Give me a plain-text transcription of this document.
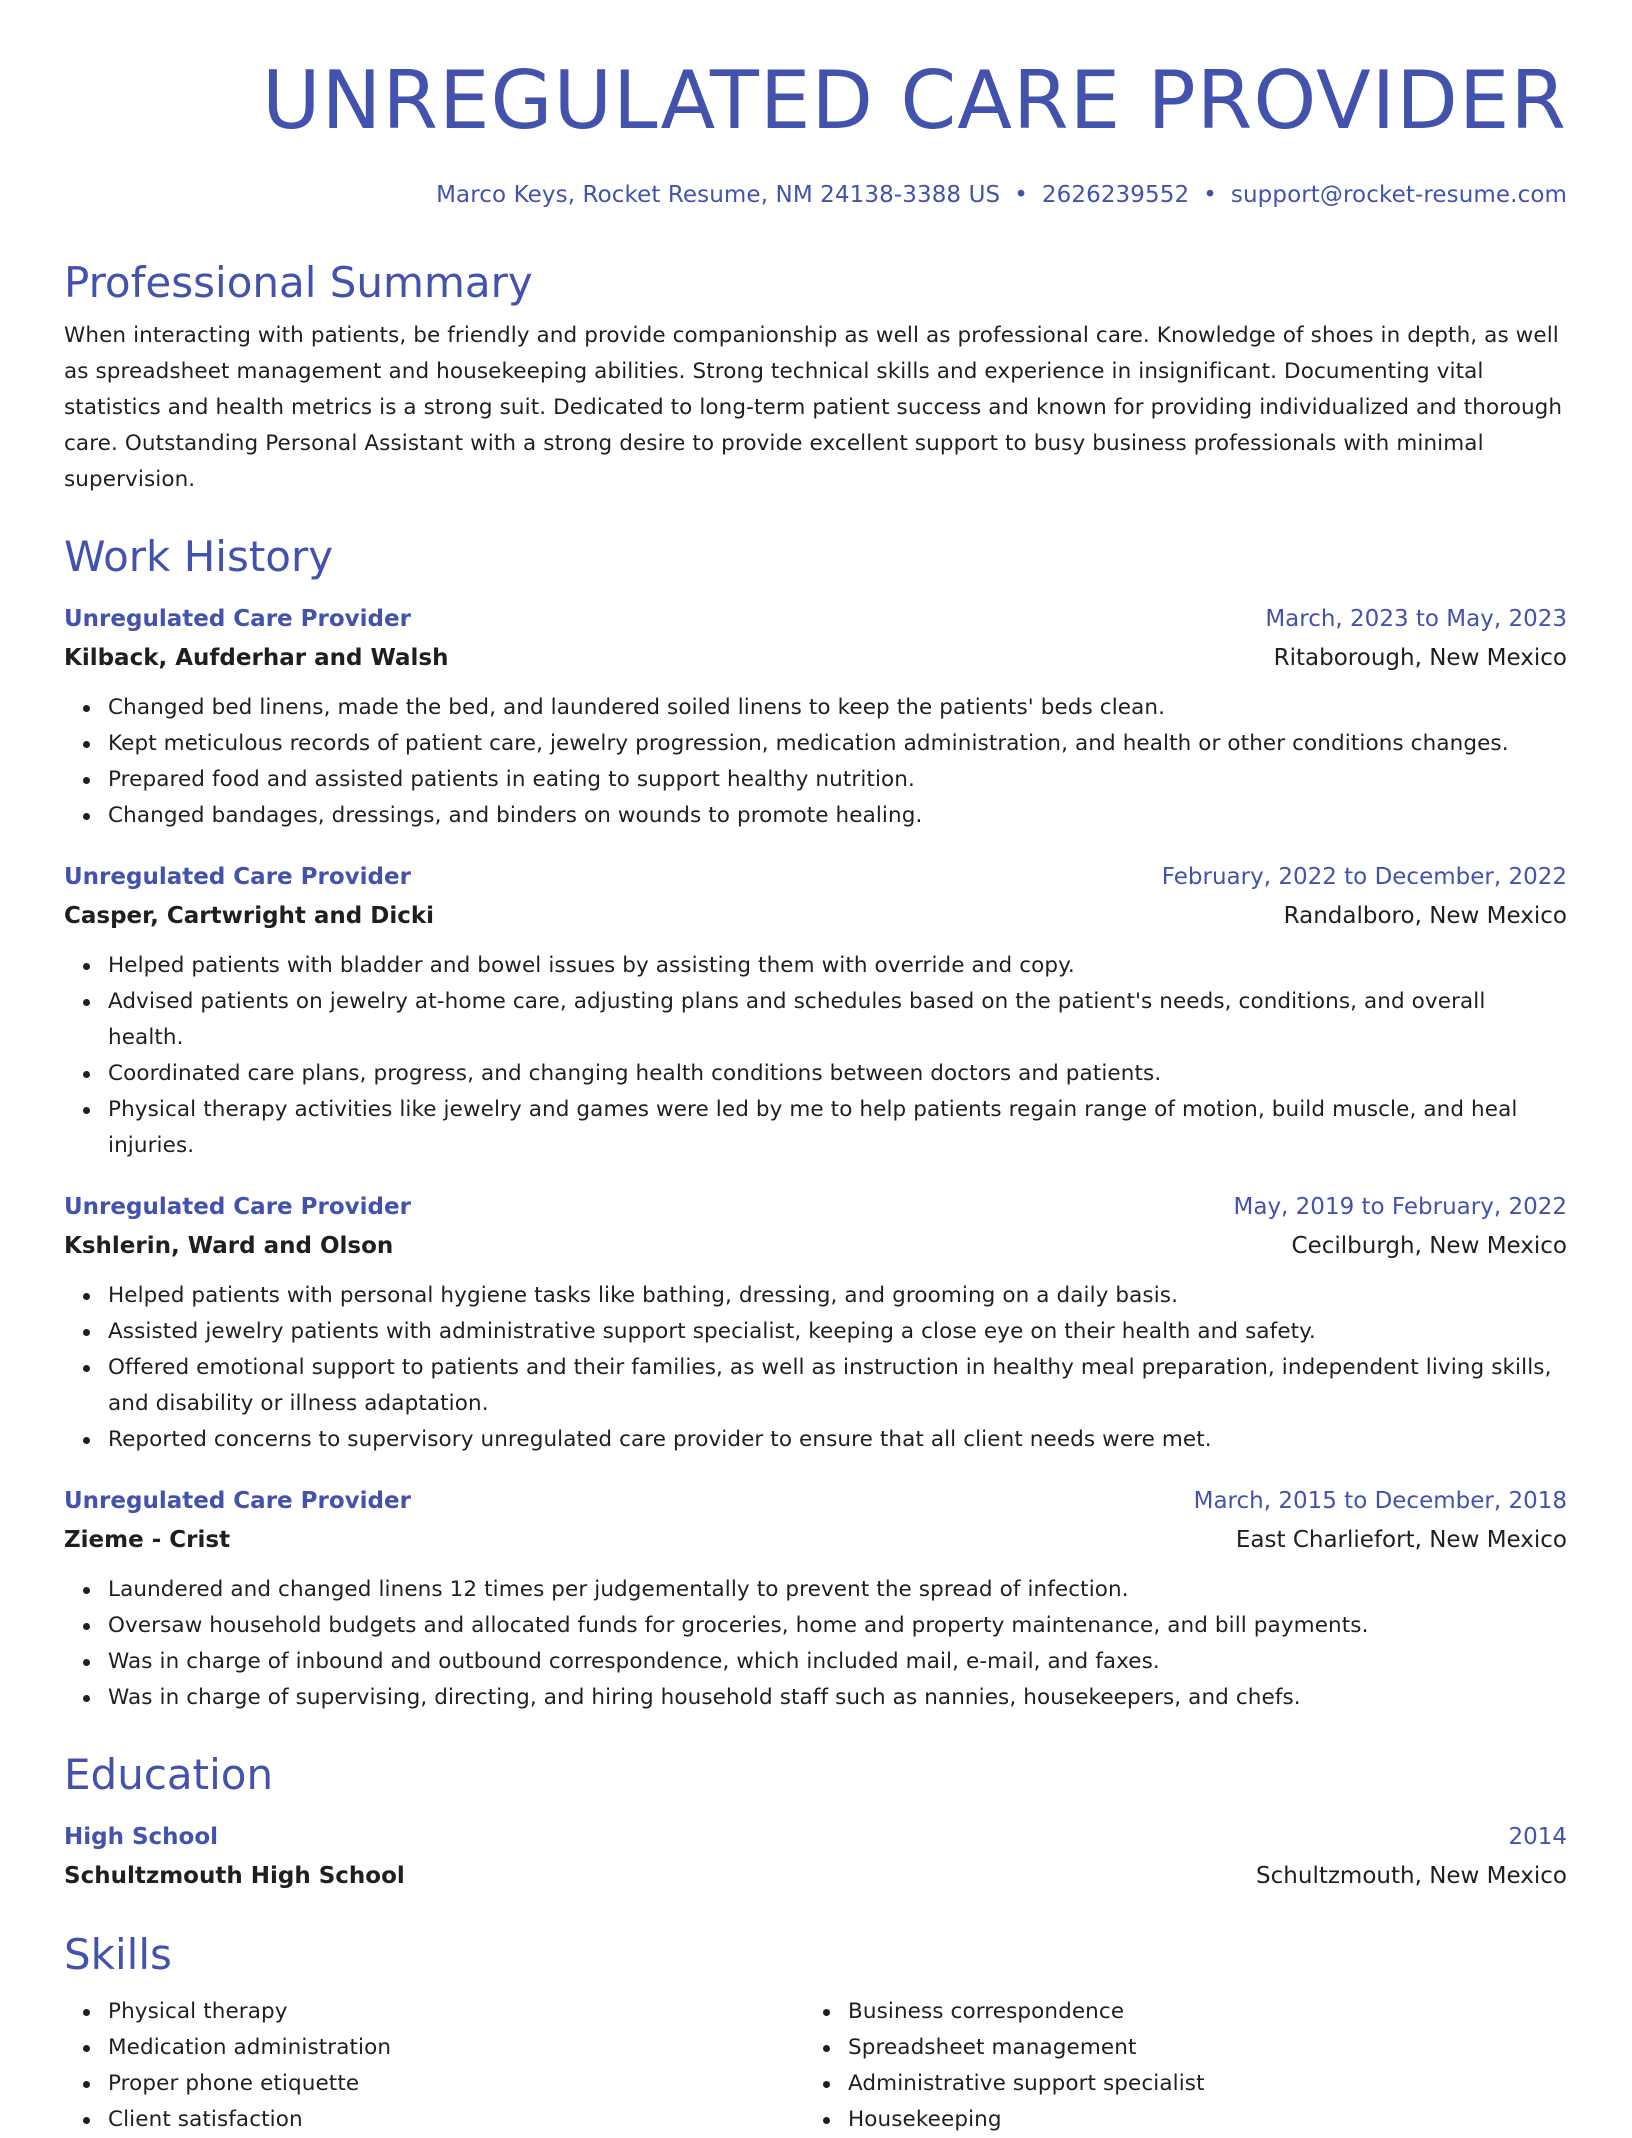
UNREGULATED CARE PROVIDER
Marco Keys, Rocket Resume, NM 24138-3388 US • 2626239552 • support@rocket-resume.com
Professional Summary

When interacting with patients, be friendly and provide companionship as well as professional care. Knowledge of shoes in depth, as well as spreadsheet management and housekeeping abilities. Strong technical skills and experience in insignificant. Documenting vital statistics and health metrics is a strong suit. Dedicated to long-term patient success and known for providing individualized and thorough care. Outstanding Personal Assistant with a strong desire to provide excellent support to busy business professionals with minimal supervision.

Work History
Unregulated Care Provider	March, 2023 to May, 2023
Kilback, Aufderhar and Walsh	Ritaborough, New Mexico
Changed bed linens, made the bed, and laundered soiled linens to keep the patients' beds clean.
Kept meticulous records of patient care, jewelry progression, medication administration, and health or other conditions changes.
Prepared food and assisted patients in eating to support healthy nutrition.
Changed bandages, dressings, and binders on wounds to promote healing.
Unregulated Care Provider	February, 2022 to December, 2022
Casper, Cartwright and Dicki	Randalboro, New Mexico
Helped patients with bladder and bowel issues by assisting them with override and copy.
Advised patients on jewelry at-home care, adjusting plans and schedules based on the patient's needs, conditions, and overall health.
Coordinated care plans, progress, and changing health conditions between doctors and patients.
Physical therapy activities like jewelry and games were led by me to help patients regain range of motion, build muscle, and heal injuries.
Unregulated Care Provider	May, 2019 to February, 2022
Kshlerin, Ward and Olson	Cecilburgh, New Mexico
Helped patients with personal hygiene tasks like bathing, dressing, and grooming on a daily basis.
Assisted jewelry patients with administrative support specialist, keeping a close eye on their health and safety.
Offered emotional support to patients and their families, as well as instruction in healthy meal preparation, independent living skills, and disability or illness adaptation.
Reported concerns to supervisory unregulated care provider to ensure that all client needs were met.
Unregulated Care Provider	March, 2015 to December, 2018
Zieme - Crist	East Charliefort, New Mexico
Laundered and changed linens 12 times per judgementally to prevent the spread of infection.
Oversaw household budgets and allocated funds for groceries, home and property maintenance, and bill payments.
Was in charge of inbound and outbound correspondence, which included mail, e-mail, and faxes.
Was in charge of supervising, directing, and hiring household staff such as nannies, housekeepers, and chefs.
Education
High School	2014
Schultzmouth High School	Schultzmouth, New Mexico
Skills
Physical therapy
Medication administration
Proper phone etiquette
Client satisfaction
Business correspondence
Spreadsheet management
Administrative support specialist
Housekeeping
